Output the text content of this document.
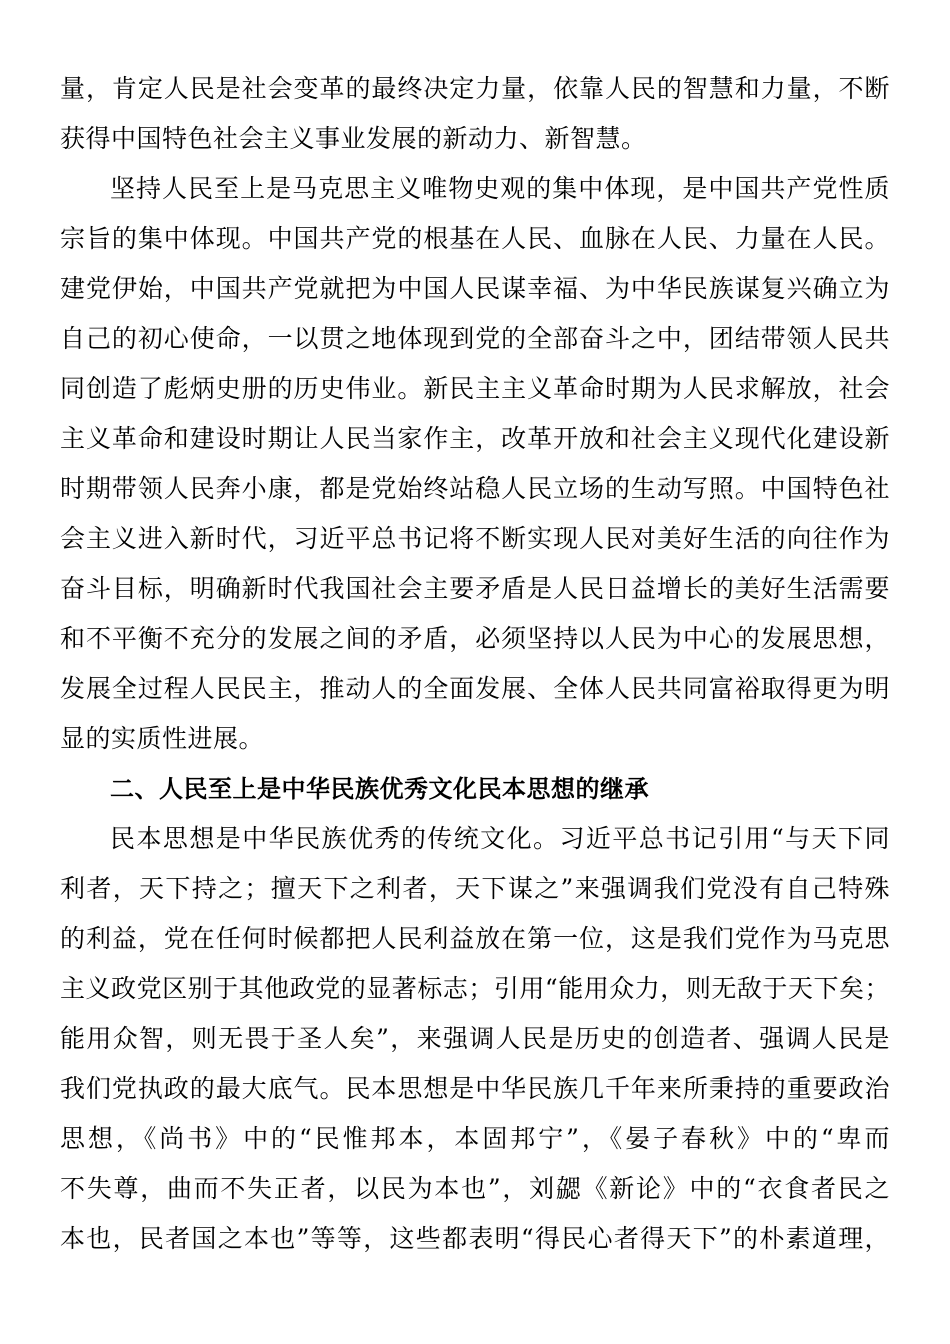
量，肯定人民是社会变革的最终决定力量，依靠人民的智慧和力量，不断
获得中国特色社会主义事业发展的新动力、新智慧。
坚持人民至上是马克思主义唯物史观的集中体现，是中国共产党性质
宗旨的集中体现。中国共产党的根基在人民、血脉在人民、力量在人民。
建党伊始，中国共产党就把为中国人民谋幸福、为中华民族谋复兴确立为
自己的初心使命，一以贯之地体现到党的全部奋斗之中，团结带领人民共
同创造了彪炳史册的历史伟业。新民主主义革命时期为人民求解放，社会
主义革命和建设时期让人民当家作主，改革开放和社会主义现代化建设新
时期带领人民奔小康，都是党始终站稳人民立场的生动写照。中国特色社
会主义进入新时代，习近平总书记将不断实现人民对美好生活的向往作为
奋斗目标，明确新时代我国社会主要矛盾是人民日益增长的美好生活需要
和不平衡不充分的发展之间的矛盾，必须坚持以人民为中心的发展思想，
发展全过程人民民主，推动人的全面发展、全体人民共同富裕取得更为明
显的实质性进展。
二、人民至上是中华民族优秀文化民本思想的继承
民本思想是中华民族优秀的传统文化。习近平总书记引用“与天下同
利者，天下持之；擅天下之利者，天下谋之”来强调我们党没有自己特殊
的利益，党在任何时候都把人民利益放在第一位，这是我们党作为马克思
主义政党区别于其他政党的显著标志；引用“能用众力，则无敌于天下矣；
能用众智，则无畏于圣人矣”，来强调人民是历史的创造者、强调人民是
我们党执政的最大底气。民本思想是中华民族几千年来所秉持的重要政治
思想，《尚书》中的“民惟邦本，本固邦宁”，《晏子春秋》中的“卑而
不失尊，曲而不失正者，以民为本也”，刘勰《新论》中的“衣食者民之
本也，民者国之本也”等等，这些都表明“得民心者得天下”的朴素道理，
